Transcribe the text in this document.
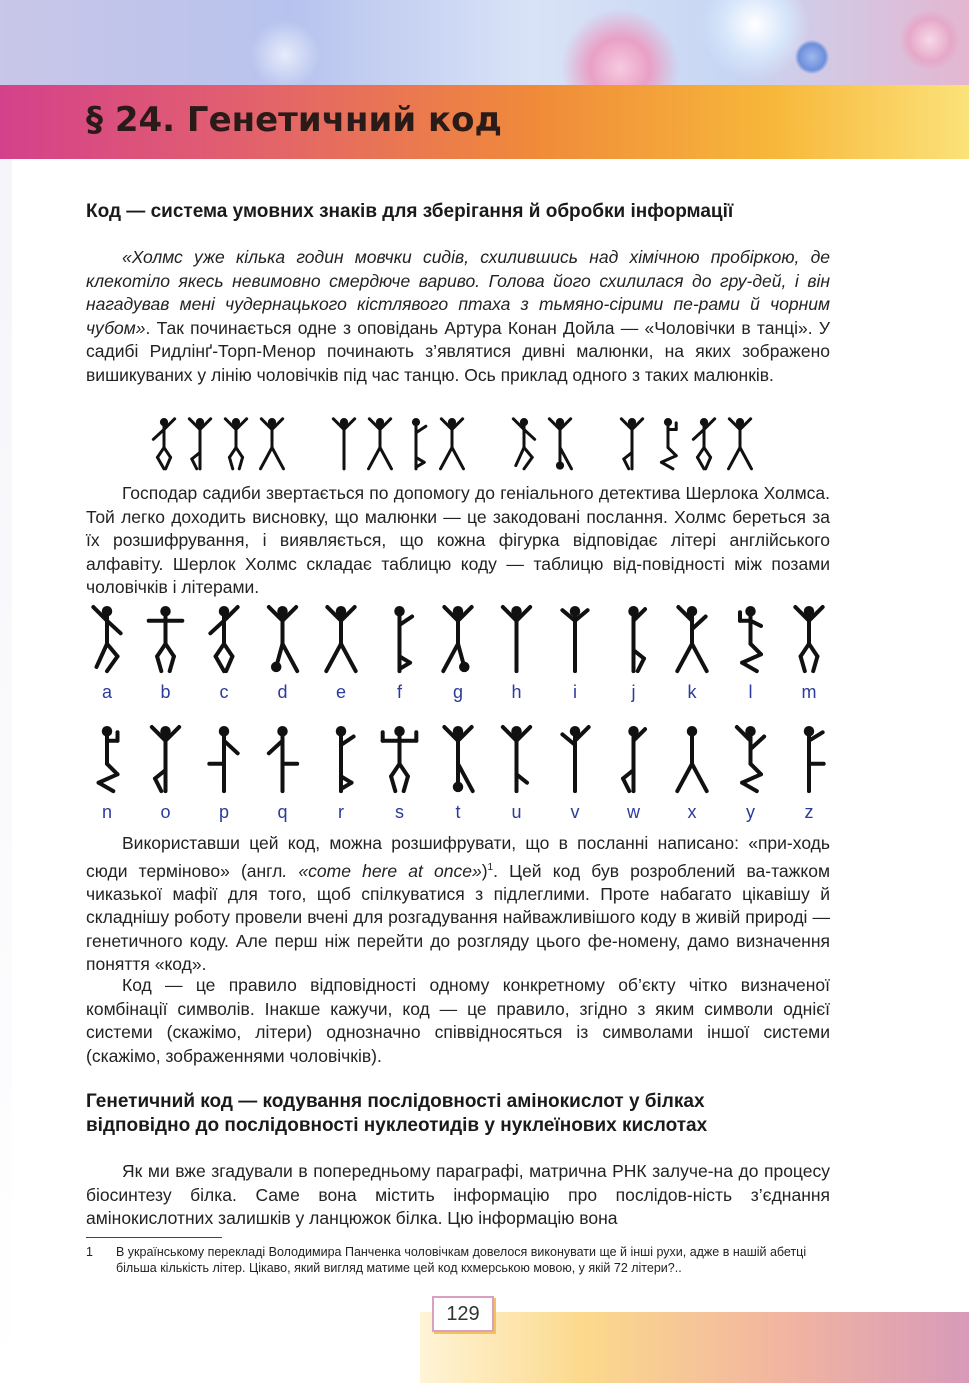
§ 24. Генетичний код
Код — система умовних знаків для зберігання й обробки інформації
«Холмс уже кілька годин мовчки сидів, схилившись над хімічною пробіркою, де клекотіло якесь невимовно смердюче вариво. Голова його схилилася до гру-дей, і він нагадував мені чудернацького кістлявого птаха з тьмяно-сірими пе-рами й чорним чубом». Так починається одне з оповідань Артура Конан Дойла — «Чоловічки в танці». У садибі Ридлінґ-Торп-Менор починають з’являтися дивні малюнки, на яких зображено вишикуваних у лінію чоловічків під час танцю. Ось приклад одного з таких малюнків.
Господар садиби звертається по допомогу до геніального детектива Шерлока Холмса. Той легко доходить висновку, що малюнки — це закодовані послання. Холмс береться за їх розшифрування, і виявляється, що кожна фігурка відповідає літері англійського алфавіту. Шерлок Холмс складає таблицю коду — таблицю від-повідності між позами чоловічків і літерами.
a	b	c	d	e	f	g	h	i	j	k	l	m
n	o	p	q	r	s	t	u	v	w	x	y	z
Використавши цей код, можна розшифрувати, що в посланні написано: «при-ходь сюди терміново» (англ. «come here at once»)$^1$. Цей код був розроблений ва-тажком чиказької мафії для того, щоб спілкуватися з підлеглими. Проте набагато цікавішу й складнішу роботу провели вчені для розгадування найважливішого коду в живій природі — генетичного коду. Але перш ніж перейти до розгляду цього фе-номену, дамо визначення поняття «код».
Код — це правило відповідності одному конкретному об’єкту чітко визначеної комбінації символів. Інакше кажучи, код — це правило, згідно з яким символи однієї системи (скажімо, літери) однозначно співвідносяться із символами іншої системи (скажімо, зображеннями чоловічків).
Генетичний код — кодування послідовності амінокислот у білках
відповідно до послідовності нуклеотидів у нуклеїнових кислотах
Як ми вже згадували в попередньому параграфі, матрична РНК залуче-на до процесу біосинтезу білка. Саме вона містить інформацію про послідов-ність з’єднання амінокислотних залишків у ланцюжок білка. Цю інформацію вона
1 В українському перекладі Володимира Панченка чоловічкам довелося виконувати ще й інші рухи, адже в нашій абетці більша кількість літер. Цікаво, який вигляд матиме цей код кхмерською мовою, у якій 72 літери?..
129
